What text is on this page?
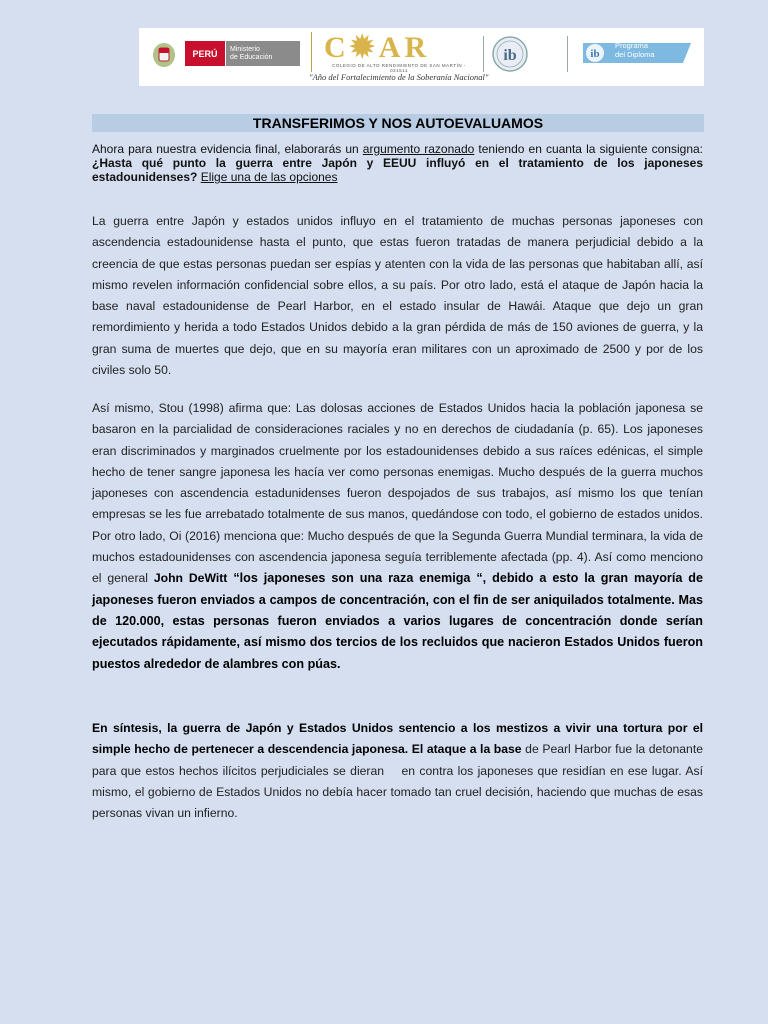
PERÚ Ministerio
de Educación	C✹AR
COLEGIO DE ALTO RENDIMIENTO DE SAN MARTÍN - 021511
"Año del Fortalecimiento de la Soberanía Nacional"
ib	ib
Programa
del Diploma
TRANSFERIMOS Y NOS AUTOEVALUAMOS
Ahora para nuestra evidencia final, elaborarás un argumento razonado teniendo en cuanta la siguiente consigna: ¿Hasta qué punto la guerra entre Japón y EEUU influyó en el tratamiento de los japoneses estadounidenses? Elige una de las opciones
La guerra entre Japón y estados unidos influyo en el tratamiento de muchas personas japoneses con ascendencia estadounidense hasta el punto, que estas fueron tratadas de manera perjudicial debido a la creencia de que estas personas puedan ser espías y atenten con la vida de las personas que habitaban allí, así mismo revelen información confidencial sobre ellos, a su país. Por otro lado, está el ataque de Japón hacia la base naval estadounidense de Pearl Harbor, en el estado insular de Hawái. Ataque que dejo un gran remordimiento y herida a todo Estados Unidos debido a la gran pérdida de más de 150 aviones de guerra, y la gran suma de muertes que dejo, que en su mayoría eran militares con un aproximado de 2500 y por de los civiles solo 50.
Así mismo, Stou (1998) afirma que: Las dolosas acciones de Estados Unidos hacia la población japonesa se basaron en la parcialidad de consideraciones raciales y no en derechos de ciudadanía (p. 65). Los japoneses eran discriminados y marginados cruelmente por los estadounidenses debido a sus raíces edénicas, el simple hecho de tener sangre japonesa les hacía ver como personas enemigas. Mucho después de la guerra muchos japoneses con ascendencia estadunidenses fueron despojados de sus trabajos, así mismo los que tenían empresas se les fue arrebatado totalmente de sus manos, quedándose con todo, el gobierno de estados unidos. Por otro lado, Oi (2016) menciona que: Mucho después de que la Segunda Guerra Mundial terminara, la vida de muchos estadounidenses con ascendencia japonesa seguía terriblemente afectada (pp. 4). Así como menciono el general John DeWitt “los japoneses son una raza enemiga “, debido a esto la gran mayoría de japoneses fueron enviados a campos de concentración, con el fin de ser aniquilados totalmente. Mas de 120.000, estas personas fueron enviados a varios lugares de concentración donde serían    ejecutados rápidamente, así mismo dos tercios de los recluidos que nacieron Estados Unidos fueron puestos alrededor de alambres con púas.
En síntesis, la guerra de Japón y Estados Unidos sentencio a los mestizos a vivir una tortura por el simple hecho de pertenecer a descendencia japonesa. El ataque a la base de Pearl Harbor fue la detonante para que estos hechos ilícitos perjudiciales se dieran    en contra los japoneses que residían en ese lugar. Así mismo, el gobierno de Estados Unidos no debía hacer tomado tan cruel decisión, haciendo que muchas de esas personas vivan un infierno.
